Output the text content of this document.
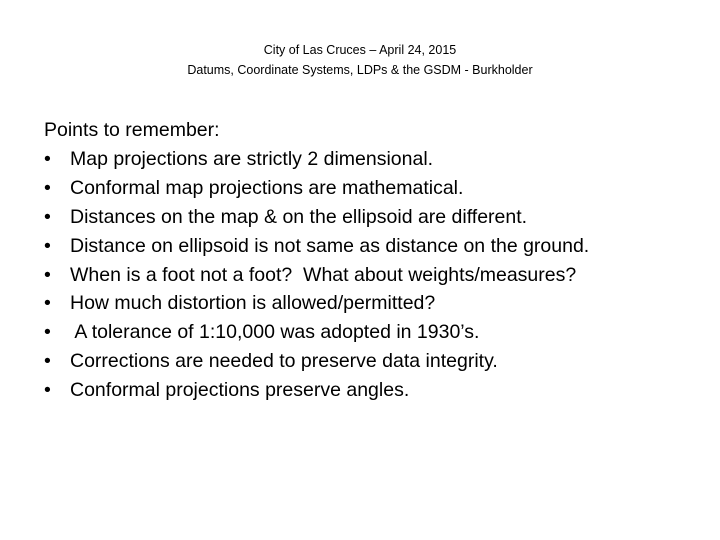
City of Las Cruces – April 24, 2015
Datums, Coordinate Systems, LDPs & the GSDM - Burkholder
Points to remember:
• Map projections are strictly 2 dimensional.
• Conformal map projections are mathematical.
• Distances on the map & on the ellipsoid are different.
• Distance on ellipsoid is not same as distance on the ground.
• When is a foot not a foot?  What about weights/measures?
• How much distortion is allowed/permitted?
• A tolerance of 1:10,000 was adopted in 1930’s.
• Corrections are needed to preserve data integrity.
• Conformal projections preserve angles.
